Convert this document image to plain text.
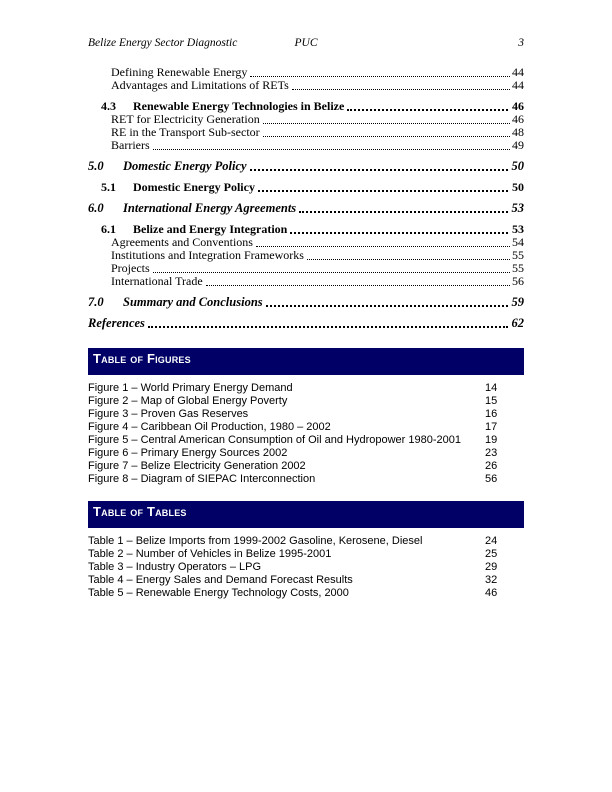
Belize Energy Sector Diagnostic	PUC	3
Defining Renewable Energy	44
Advantages and Limitations of RETs	44
4.3	Renewable Energy Technologies in Belize	46
RET for Electricity Generation	46
RE in the Transport Sub-sector	48
Barriers	49
5.0	Domestic Energy Policy	50
5.1	Domestic Energy Policy	50
6.0	International Energy Agreements	53
6.1	Belize and Energy Integration	53
Agreements and Conventions	54
Institutions and Integration Frameworks	55
Projects	55
International Trade	56
7.0	Summary and Conclusions	59
References	62
Table of Figures
Figure 1 – World Primary Energy Demand	14
Figure 2 – Map of Global Energy Poverty	15
Figure 3 – Proven Gas Reserves	16
Figure 4 – Caribbean Oil Production, 1980 – 2002	17
Figure 5 – Central American Consumption of Oil and Hydropower 1980-2001	19
Figure 6 – Primary Energy Sources 2002	23
Figure 7 – Belize Electricity Generation 2002	26
Figure 8 – Diagram of SIEPAC Interconnection	56
Table of Tables
Table 1 – Belize Imports from 1999-2002 Gasoline, Kerosene, Diesel	24
Table 2 – Number of Vehicles in Belize 1995-2001	25
Table 3 – Industry Operators – LPG	29
Table 4 – Energy Sales and Demand Forecast Results	32
Table 5 – Renewable Energy Technology Costs, 2000	46
